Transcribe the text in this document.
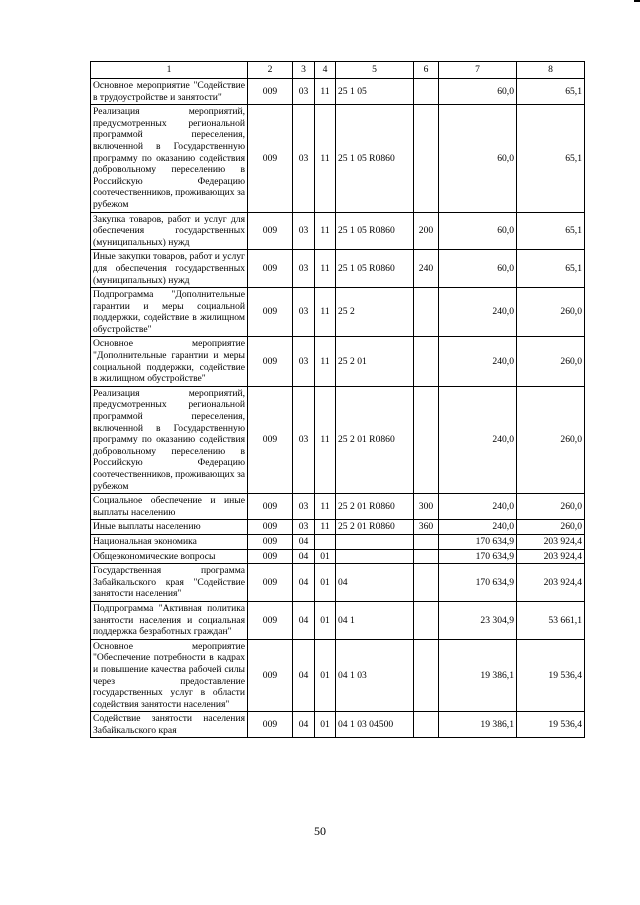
1	2	3	4	5	6	7	8
Основное мероприятие "Содействие в трудоустройстве и занятости"	009	03	11	25 1 05		60,0	65,1
Реализация мероприятий, предусмотренных региональной программой переселения, включенной в Государственную программу по оказанию содействия добровольному переселению в Российскую Федерацию соотечественников, проживающих за рубежом	009	03	11	25 1 05 R0860		60,0	65,1
Закупка товаров, работ и услуг для обеспечения государственных (муниципальных) нужд	009	03	11	25 1 05 R0860	200	60,0	65,1
Иные закупки товаров, работ и услуг для обеспечения государственных (муниципальных) нужд	009	03	11	25 1 05 R0860	240	60,0	65,1
Подпрограмма "Дополнительные гарантии и меры социальной поддержки, содействие в жилищном обустройстве"	009	03	11	25 2		240,0	260,0
Основное мероприятие "Дополнительные гарантии и меры социальной поддержки, содействие в жилищном обустройстве"	009	03	11	25 2 01		240,0	260,0
Реализация мероприятий, предусмотренных региональной программой переселения, включенной в Государственную программу по оказанию содействия добровольному переселению в Российскую Федерацию соотечественников, проживающих за рубежом	009	03	11	25 2 01 R0860		240,0	260,0
Социальное обеспечение и иные выплаты населению	009	03	11	25 2 01 R0860	300	240,0	260,0
Иные выплаты населению	009	03	11	25 2 01 R0860	360	240,0	260,0
Национальная экономика	009	04				170 634,9	203 924,4
Общеэкономические вопросы	009	04	01			170 634,9	203 924,4
Государственная программа Забайкальского края "Содействие занятости населения"	009	04	01	04		170 634,9	203 924,4
Подпрограмма "Активная политика занятости населения и социальная поддержка безработных граждан"	009	04	01	04 1		23 304,9	53 661,1
Основное мероприятие "Обеспечение потребности в кадрах и повышение качества рабочей силы через предоставление государственных услуг в области содействия занятости населения"	009	04	01	04 1 03		19 386,1	19 536,4
Содействие занятости населения Забайкальского края	009	04	01	04 1 03 04500		19 386,1	19 536,4
50
